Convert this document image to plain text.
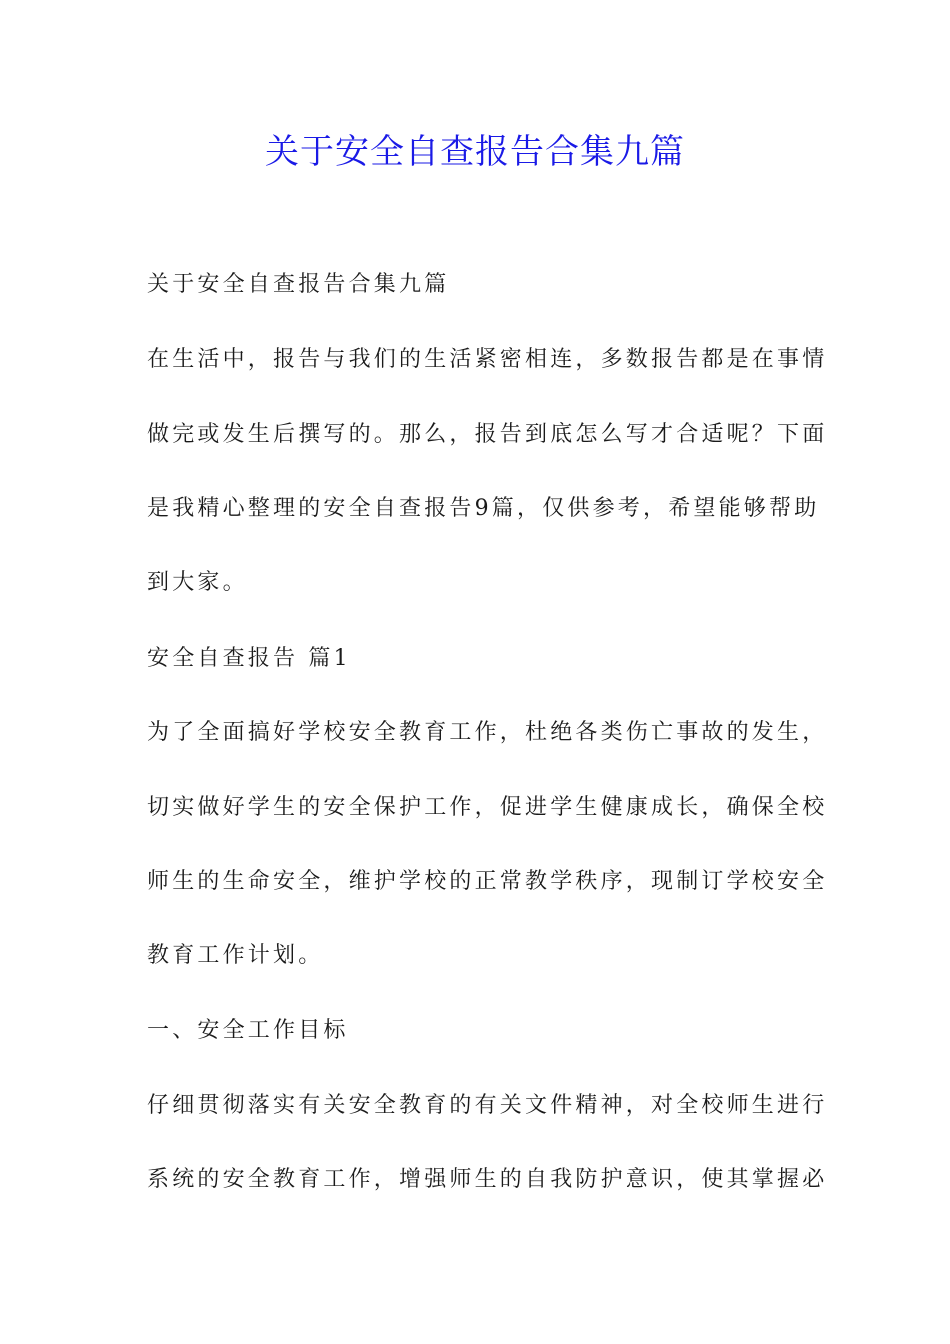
关于安全自查报告合集九篇
关于安全自查报告合集九篇
在生活中，报告与我们的生活紧密相连，多数报告都是在事情
做完或发生后撰写的。那么，报告到底怎么写才合适呢？下面
是我精心整理的安全自查报告9篇，仅供参考，希望能够帮助
到大家。
安全自查报告 篇1
为了全面搞好学校安全教育工作，杜绝各类伤亡事故的发生，
切实做好学生的安全保护工作，促进学生健康成长，确保全校
师生的生命安全，维护学校的正常教学秩序，现制订学校安全
教育工作计划。
一、安全工作目标
仔细贯彻落实有关安全教育的有关文件精神，对全校师生进行
系统的安全教育工作，增强师生的自我防护意识，使其掌握必
